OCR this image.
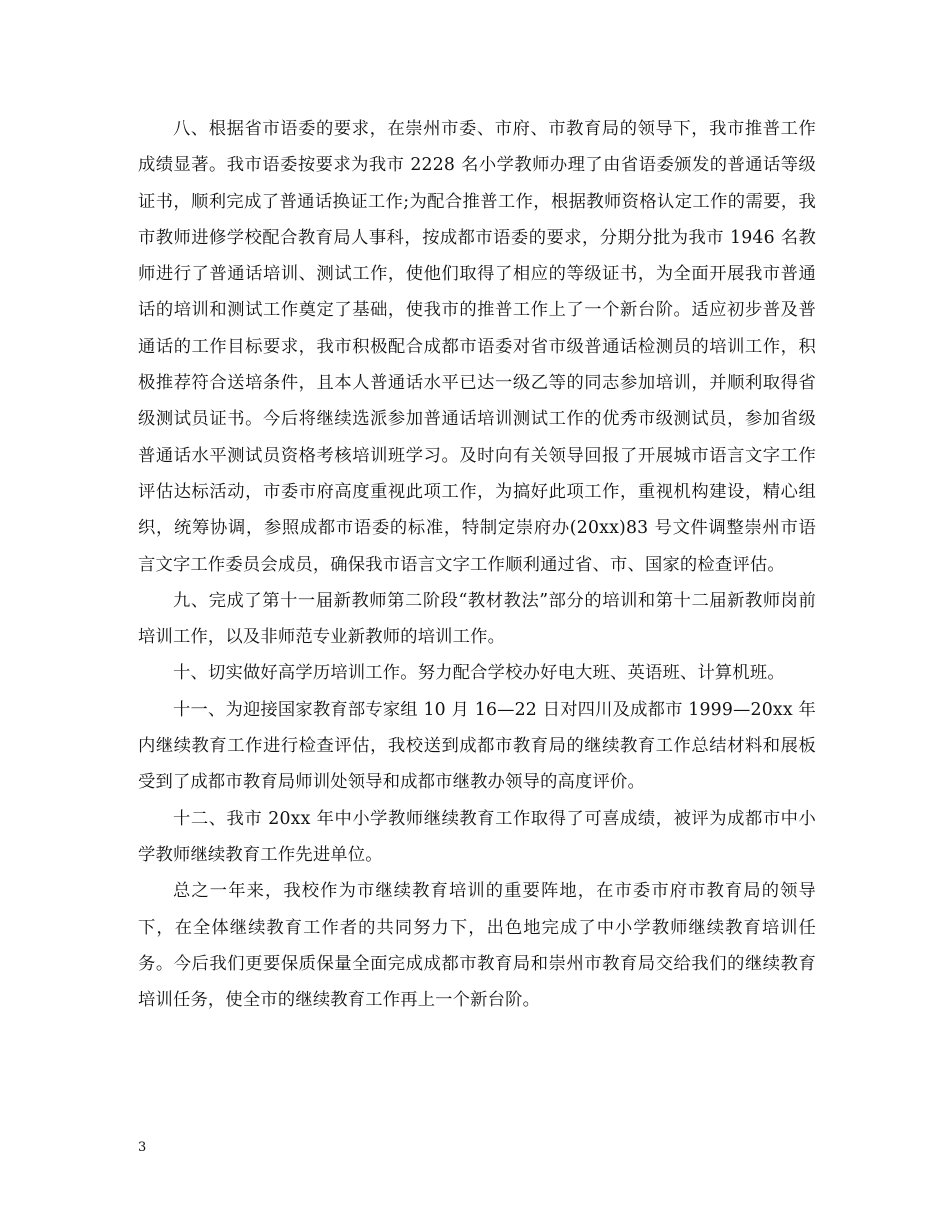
八、根据省市语委的要求，在崇州市委、市府、市教育局的领导下，我市推普工作成绩显著。我市语委按要求为我市 2228 名小学教师办理了由省语委颁发的普通话等级证书，顺利完成了普通话换证工作;为配合推普工作，根据教师资格认定工作的需要，我市教师进修学校配合教育局人事科，按成都市语委的要求，分期分批为我市 1946 名教师进行了普通话培训、测试工作，使他们取得了相应的等级证书，为全面开展我市普通话的培训和测试工作奠定了基础，使我市的推普工作上了一个新台阶。适应初步普及普通话的工作目标要求，我市积极配合成都市语委对省市级普通话检测员的培训工作，积极推荐符合送培条件，且本人普通话水平已达一级乙等的同志参加培训，并顺利取得省级测试员证书。今后将继续选派参加普通话培训测试工作的优秀市级测试员，参加省级普通话水平测试员资格考核培训班学习。及时向有关领导回报了开展城市语言文字工作评估达标活动，市委市府高度重视此项工作，为搞好此项工作，重视机构建设，精心组织，统筹协调，参照成都市语委的标准，特制定崇府办(20xx)83 号文件调整崇州市语言文字工作委员会成员，确保我市语言文字工作顺利通过省、市、国家的检查评估。

九、完成了第十一届新教师第二阶段“教材教法”部分的培训和第十二届新教师岗前培训工作，以及非师范专业新教师的培训工作。

十、切实做好高学历培训工作。努力配合学校办好电大班、英语班、计算机班。

十一、为迎接国家教育部专家组 10 月 16—22 日对四川及成都市 1999—20xx 年内继续教育工作进行检查评估，我校送到成都市教育局的继续教育工作总结材料和展板受到了成都市教育局师训处领导和成都市继教办领导的高度评价。

十二、我市 20xx 年中小学教师继续教育工作取得了可喜成绩，被评为成都市中小学教师继续教育工作先进单位。

总之一年来，我校作为市继续教育培训的重要阵地，在市委市府市教育局的领导下，在全体继续教育工作者的共同努力下，出色地完成了中小学教师继续教育培训任务。今后我们更要保质保量全面完成成都市教育局和崇州市教育局交给我们的继续教育培训任务，使全市的继续教育工作再上一个新台阶。

3
